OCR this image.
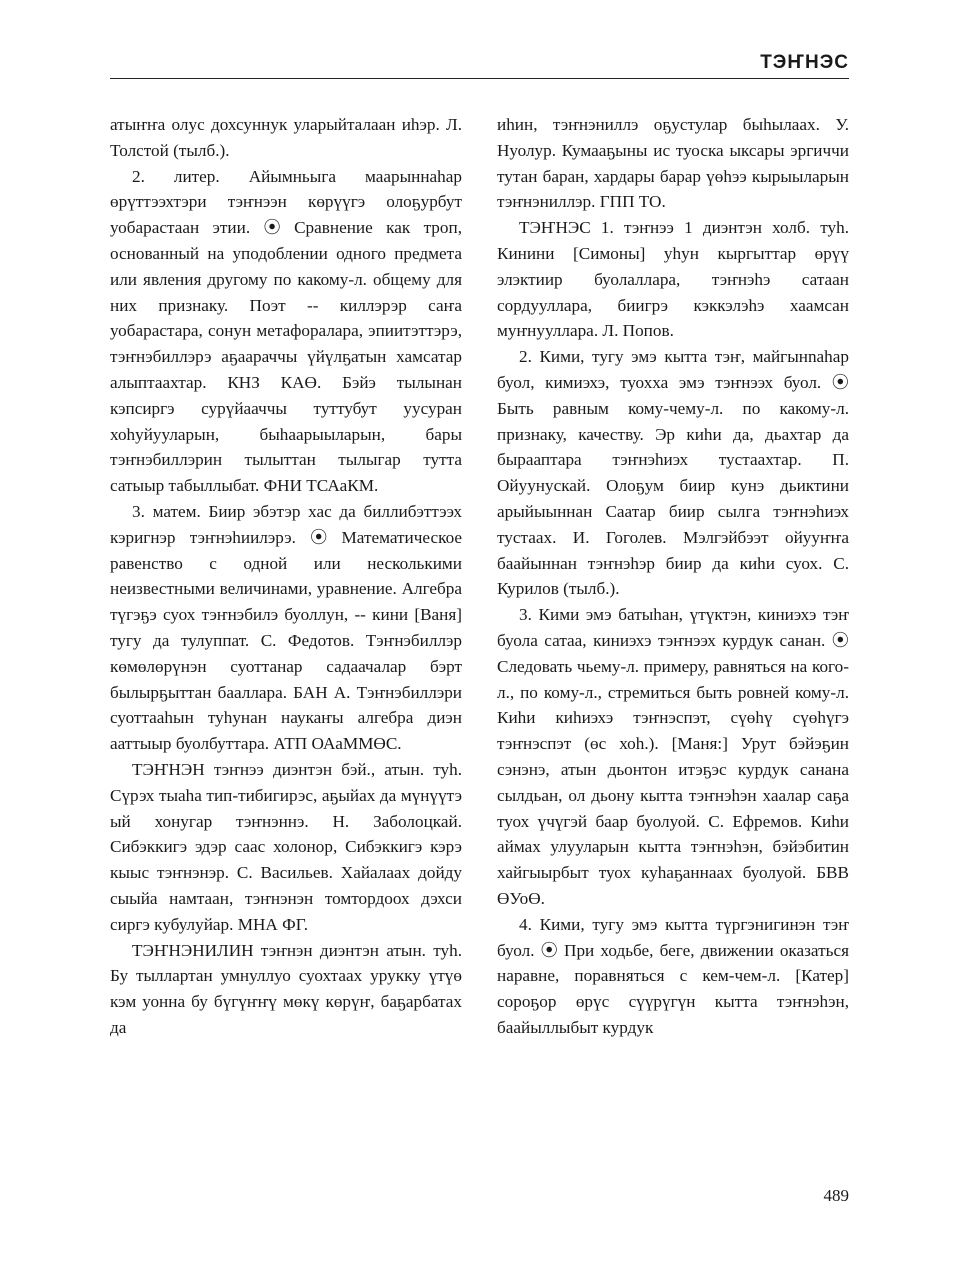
ТЭҤНЭС

атыҥҥа олус дохсуннук уларыйталаан иһэр. Л. Толстой (тылб.).

2. литер. Айымньыга маарыннаһар өрүттээхтэри тэҥнээн көрүүгэ олоҕурбут уобарастаан этии. ⦿ Сравнение как троп, основанный на уподоблении одного предмета или явления другому по какому-л. общему для них признаку. Поэт -- киллэрэр саҥа уобарастара, сонун метафоралара, эпиитэттэрэ, тэҥнэбиллэрэ аҕаараччы үйүлҕатын хамсатар алыптаахтар. КНЗ КАӨ. Бэйэ тылынан кэпсиргэ сурүйааччы туттубут уусуран хоһуйууларын, быһаарыыларын, бары тэҥнэбиллэрин тылыттан тылыгар тутта сатыыр табыллыбат. ФНИ ТСАаКМ.

3. матем. Биир эбэтэр хас да биллибэттээх кэригнэр тэҥнэһиилэрэ. ⦿ Математическое равенство с одной или несколькими неизвестными величинами, уравнение. Алгебра түгэҕэ суох тэҥнэбилэ буоллун, -- кини [Ваня] тугу да тулуппат. С. Федотов. Тэҥнэбиллэр көмөлөрүнэн суоттанар садаачалар бэрт былырҕыттан бааллара. БАН А. Тэҥнэбиллэри суоттааһын туһунан наукаҥы алгебра диэн ааттыыр буолбуттара. АТП ОАаММӨС.

ТЭҤНЭН тэҥнээ диэнтэн бэй., атын. туһ. Сүрэх тыаһа тип-тибигирэс, аҕыйах да мүнүүтэ ый хонугар тэҥнэннэ. Н. Заболоцкай. Сибэккигэ эдэр саас холонор, Сибэккигэ кэрэ кыыс тэҥнэнэр. С. Васильев. Хайалаах дойду сыыйа намтаан, тэҥнэнэн томтордоох дэхси сиргэ кубулуйар. МНА ФГ.

ТЭҤНЭНИЛИН тэҥнэн диэнтэн атын. туһ. Бу тыллартан умнуллуо суохтаах урукку үтүө кэм уонна бу бүгүҥҥү мөкү көрүҥ, баҕарбатах да

иһин, тэҥнэниллэ оҕустулар быһылаах. У. Нуолур. Кумааҕыны ис туоска ыксары эргиччи тутан баран, хардары барар үөһээ кырыыларын тэҥнэниллэр. ГПП ТО.

ТЭҤНЭС 1. тэҥнээ 1 диэнтэн холб. туһ. Кинини [Симоны] уһун кыргыттар өрүү элэктиир буолаллара, тэҥнэһэ сатаан сордууллара, биигрэ кэккэлэһэ хаамсан муҥнууллара. Л. Попов.

2. Кими, тугу эмэ кытта тэҥ, майгынnaһар буол, кимиэхэ, туохха эмэ тэҥнээх буол. ⦿ Быть равным кому-чему-л. по какому-л. признаку, качеству. Эр киһи да, дьахтар да бырааптара тэҥнэһиэх тустаахтар. П. Ойуунускай. Олоҕум биир кунэ дьиктини арыйыыннан Саатар биир сылга тэҥнэһиэх тустаах. И. Гоголев. Мэлгэйбээт ойууҥҥа баайыннан тэҥнэһэр биир да киһи суох. С. Курилов (тылб.).

3. Кими эмэ батыһан, үтүктэн, киниэхэ тэҥ буола сатаа, киниэхэ тэҥнээх курдук санан. ⦿ Следовать чьему-л. примеру, равняться на кого-л., по кому-л., стремиться быть ровней кому-л. Киһи киһиэхэ тэҥнэспэт, сүөһү сүөһүгэ тэҥнэспэт (өс хоһ.). [Маня:] Урут бэйэҕин сэнэнэ, атын дьонтон итэҕэс курдук санана сылдьан, ол дьону кытта тэҥнэһэн хаалар саҕа туох үчүгэй баар буолуой. С. Ефремов. Киһи аймах улууларын кытта тэҥнэһэн, бэйэбитин хайгыырбыт туох куһаҕаннаах буолуой. БВВ ӨУоӨ.

4. Кими, тугу эмэ кытта түргэнигинэн тэҥ буол. ⦿ При ходьбе, беге, движении оказаться наравне, поравняться с кем-чем-л. [Катер] сороҕор өрүс сүүрүгүн кытта тэҥнэһэн, баайыллыбыт курдук

489
